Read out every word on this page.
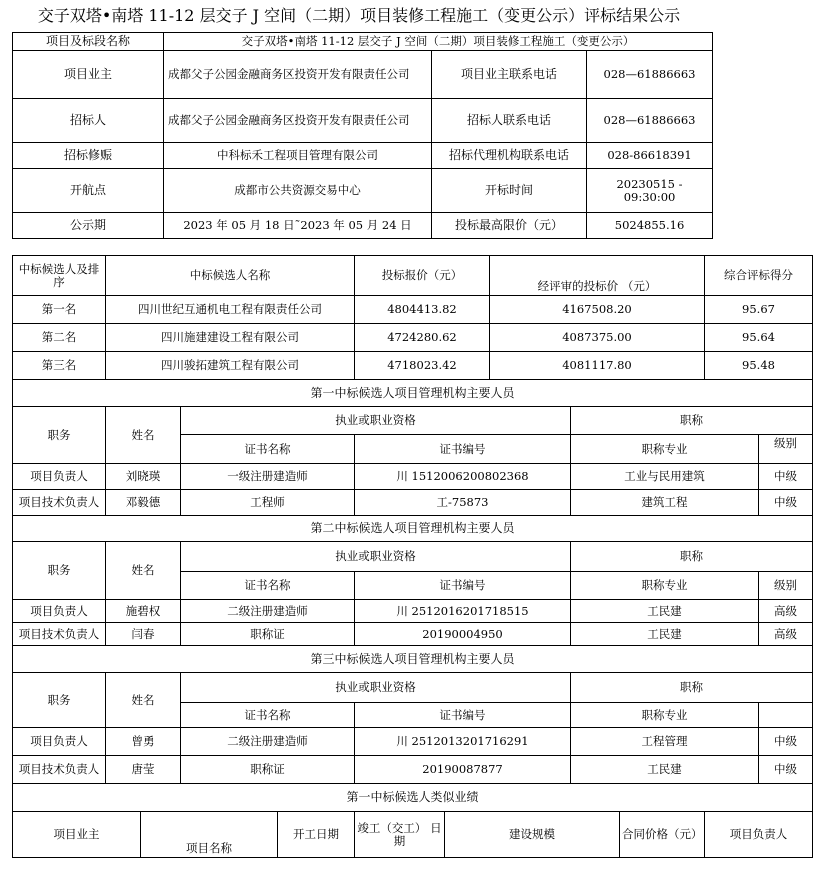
交子双塔•南塔 11-12 层交子 J 空间（二期）项目装修工程施工（变更公示）评标结果公示
项目及标段名称	交子双塔•南塔 11-12 层交子 J 空间（二期）项目装修工程施工（变更公示）		
项目业主	成都父子公园金融商务区投资开发有限责任公司	项目业主联系电话	028—61886663
招标人	成都父子公园金融商务区投资开发有限责任公司	招标人联系电话	028—61886663
招标修赈	中科标禾工程项目管理有限公司	招标代理机构联系电话	028-86618391
开航点	成都市公共资源交易中心	开标时间	20230515 - 09:30:00
公示期	2023 年 05 月 18 日˜2023 年 05 月 24 日	投标最高限价（元）	5024855.16
中标候选人及排序	中标候选人名称				投标报价（元）		经评审的投标价 （元）			综合评标得分	
第一名	四川世纪互通机电工程有限责任公司				4804413.82		4167508.20			95.67	
第二名	四川施建建设工程有限公司				4724280.62		4087375.00			95.64	
第三名	四川骏拓建筑工程有限公司				4718023.42		4081117.80			95.48	
第一中标候选人项目管理机构主要人员											
职务	姓名		执业或职业资格					职称			
			证书名称		证书编号			职称专业			级别
项目负责人	刘晓瑛		一级注册建造师		川 1512006200802368			工业与民用建筑			中级
项目技术负责人	邓毅德		工程师		工-75873			建筑工程			中级
第二中标候选人项目管理机构主要人员											
职务	姓名		执业或职业资格					职称			
			证书名称		证书编号			职称专业			级别
项目负责人	施碧权		二级注册建造师		川 2512016201718515			工民建			高级
项目技术负责人	闫春		职称证		20190004950			工民建			高级
第三中标候选人项目管理机构主要人员											
职务	姓名		执业或职业资格					职称			
			证书名称		证书编号			职称专业			
项目负责人	曾勇		二级注册建造师		川 2512013201716291			工程管理			中级
项目技术负责人	唐莹		职称证		20190087877			工民建			中级
第一中标候选人类似业绩											
项目业主		项目名称		开工日期	竣工（交工） 日期	建设规模			合同价格（元）	项目负责人	
